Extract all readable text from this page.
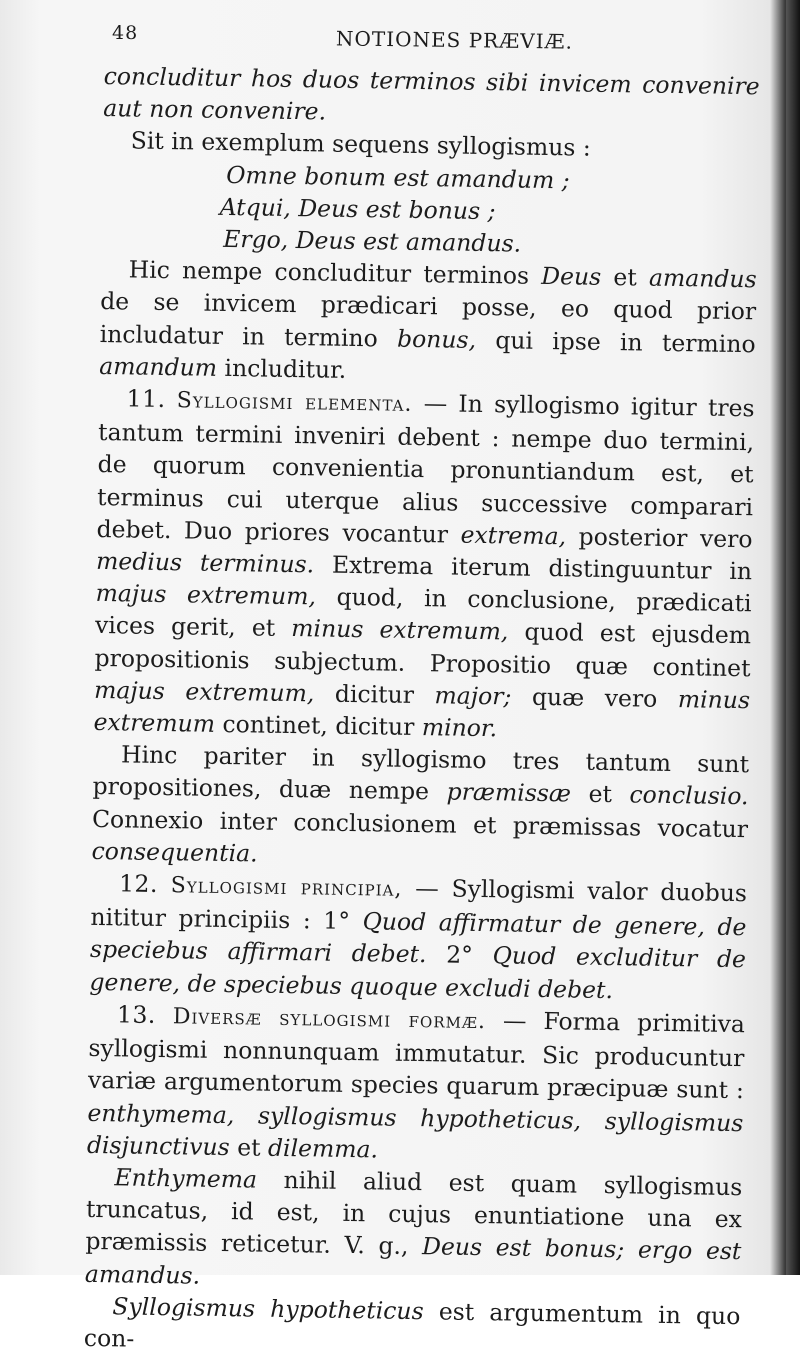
48	NOTIONES PRÆVIÆ.

concluditur hos duos terminos sibi invicem convenire aut non convenire.

Sit in exemplum sequens syllogismus :

Omne bonum est amandum ;

Atqui, Deus est bonus ;

Ergo, Deus est amandus.

Hic nempe concluditur terminos Deus et amandus de se invicem prædicari posse, eo quod prior includatur in termino bonus, qui ipse in termino amandum includitur.

11. Syllogismi elementa. — In syllogismo igitur tres tantum termini inveniri debent : nempe duo termini, de quorum convenientia pronuntiandum est, et terminus cui uterque alius successive comparari debet. Duo priores vocantur extrema, posterior vero medius terminus. Extrema iterum distinguuntur in majus extremum, quod, in conclusione, prædicati vices gerit, et minus extremum, quod est ejusdem propositionis subjectum. Propositio quæ continet majus extremum, dicitur major; quæ vero minus extremum continet, dicitur minor.

Hinc pariter in syllogismo tres tantum sunt propositiones, duæ nempe præmissæ et conclusio. Connexio inter conclusionem et præmissas vocatur consequentia.

12. Syllogismi principia, — Syllogismi valor duobus nititur principiis : 1° Quod affirmatur de genere, de speciebus affirmari debet. 2° Quod excluditur de genere, de speciebus quoque excludi debet.

13. Diversæ syllogismi formæ. — Forma primitiva syllogismi nonnunquam immutatur. Sic producuntur variæ argumentorum species quarum præcipuæ sunt : enthymema, syllogismus hypotheticus, syllogismus disjunctivus et dilemma.

Enthymema nihil aliud est quam syllogismus truncatus, id est, in cujus enuntiatione una ex præmissis reticetur. V. g., Deus est bonus; ergo est amandus.

Syllogismus hypotheticus est argumentum in quo con-
